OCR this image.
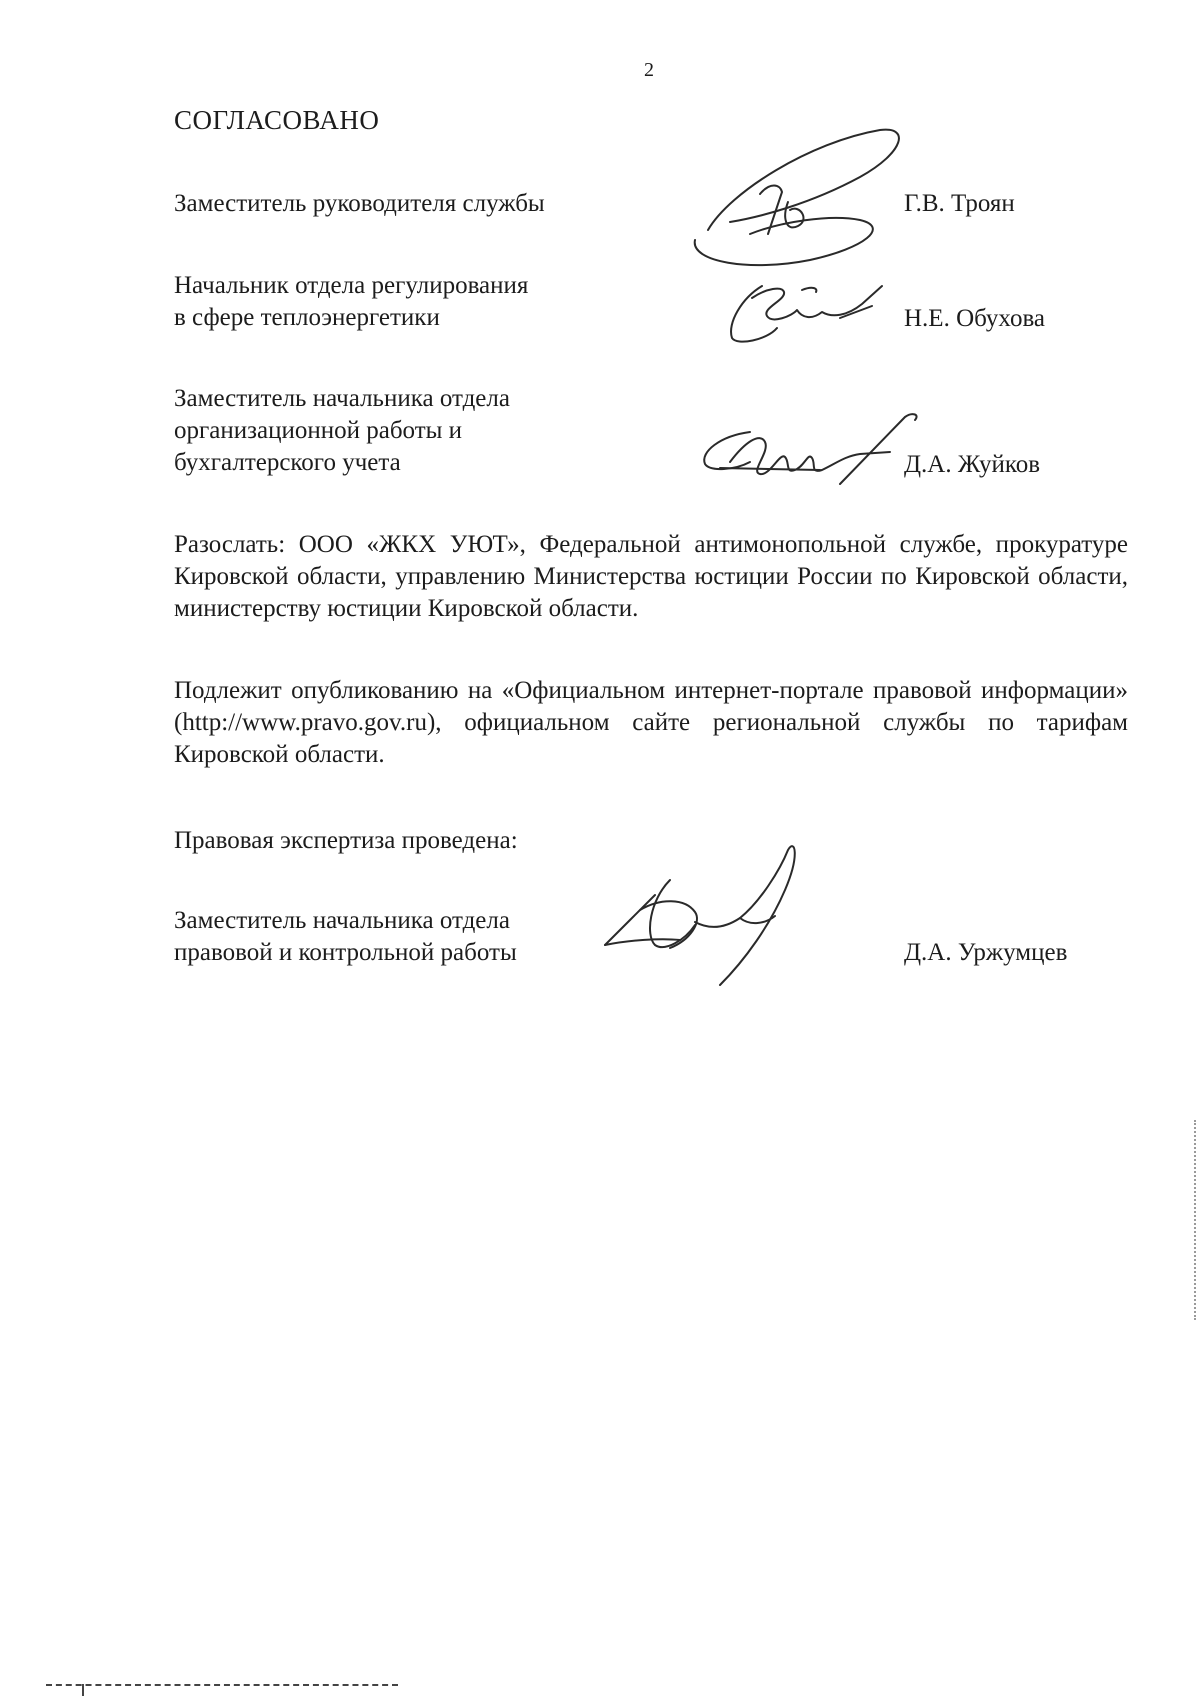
2
СОГЛАСОВАНО
Заместитель руководителя службы	Г.В. Троян
Начальник отдела регулирования
в сфере теплоэнергетики	Н.Е. Обухова
Заместитель начальника отдела
организационной работы и
бухгалтерского учета	Д.А. Жуйков
Разослать: ООО «ЖКХ УЮТ», Федеральной антимонопольной службе, прокуратуре Кировской области, управлению Министерства юстиции России по Кировской области, министерству юстиции Кировской области.
Подлежит опубликованию на «Официальном интернет-портале правовой информации» (http://www.pravo.gov.ru), официальном сайте региональной службы по тарифам Кировской области.
Правовая экспертиза проведена:
Заместитель начальника отдела
правовой и контрольной работы	Д.А. Уржумцев
